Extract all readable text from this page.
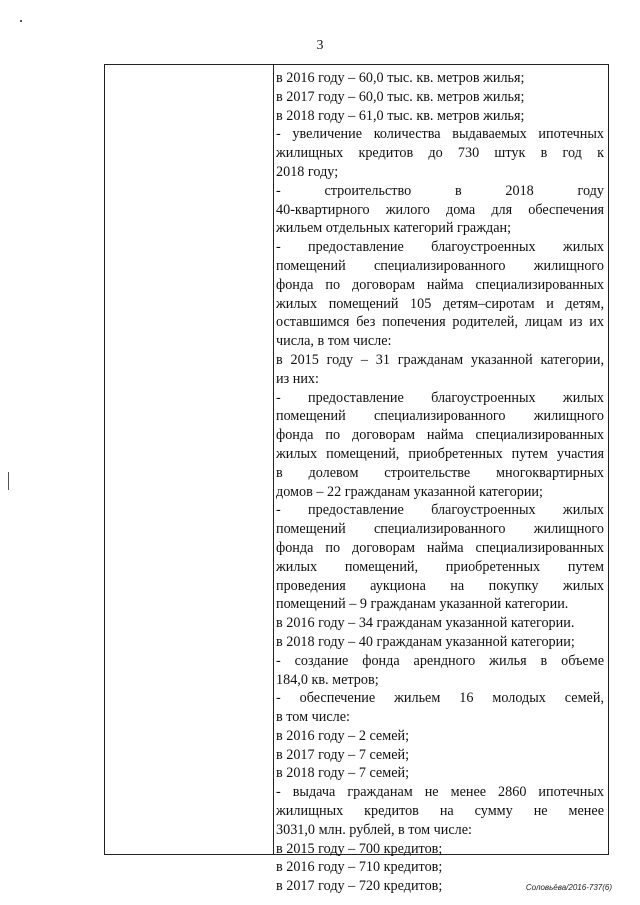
3
в 2016 году – 60,0 тыс. кв. метров жилья;
в 2017 году – 60,0 тыс. кв. метров жилья;
в 2018 году – 61,0 тыс. кв. метров жилья;
- увеличение количества выдаваемых ипотечных
жилищных кредитов до 730 штук в год к
2018 году;
- строительство в 2018 году
40-квартирного жилого дома для обеспечения
жильем отдельных категорий граждан;
- предоставление благоустроенных жилых
помещений специализированного жилищного
фонда по договорам найма специализированных
жилых помещений 105 детям–сиротам и детям,
оставшимся без попечения родителей, лицам из их
числа, в том числе:
в 2015 году – 31 гражданам указанной категории,
из них:
- предоставление благоустроенных жилых
помещений специализированного жилищного
фонда по договорам найма специализированных
жилых помещений, приобретенных путем участия
в долевом строительстве многоквартирных
домов – 22 гражданам указанной категории;
- предоставление благоустроенных жилых
помещений специализированного жилищного
фонда по договорам найма специализированных
жилых помещений, приобретенных путем
проведения аукциона на покупку жилых
помещений – 9 гражданам указанной категории.
в 2016 году – 34 гражданам указанной категории.
в 2018 году – 40 гражданам указанной категории;
- создание фонда арендного жилья в объеме
184,0 кв. метров;
- обеспечение жильем 16 молодых семей,
в том числе:
в 2016 году – 2 семей;
в 2017 году – 7 семей;
в 2018 году – 7 семей;
- выдача гражданам не менее 2860 ипотечных
жилищных кредитов на сумму не менее
3031,0 млн. рублей, в том числе:
в 2015 году – 700 кредитов;
в 2016 году – 710 кредитов;
в 2017 году – 720 кредитов;	Соловьёва/2016-737(6)
